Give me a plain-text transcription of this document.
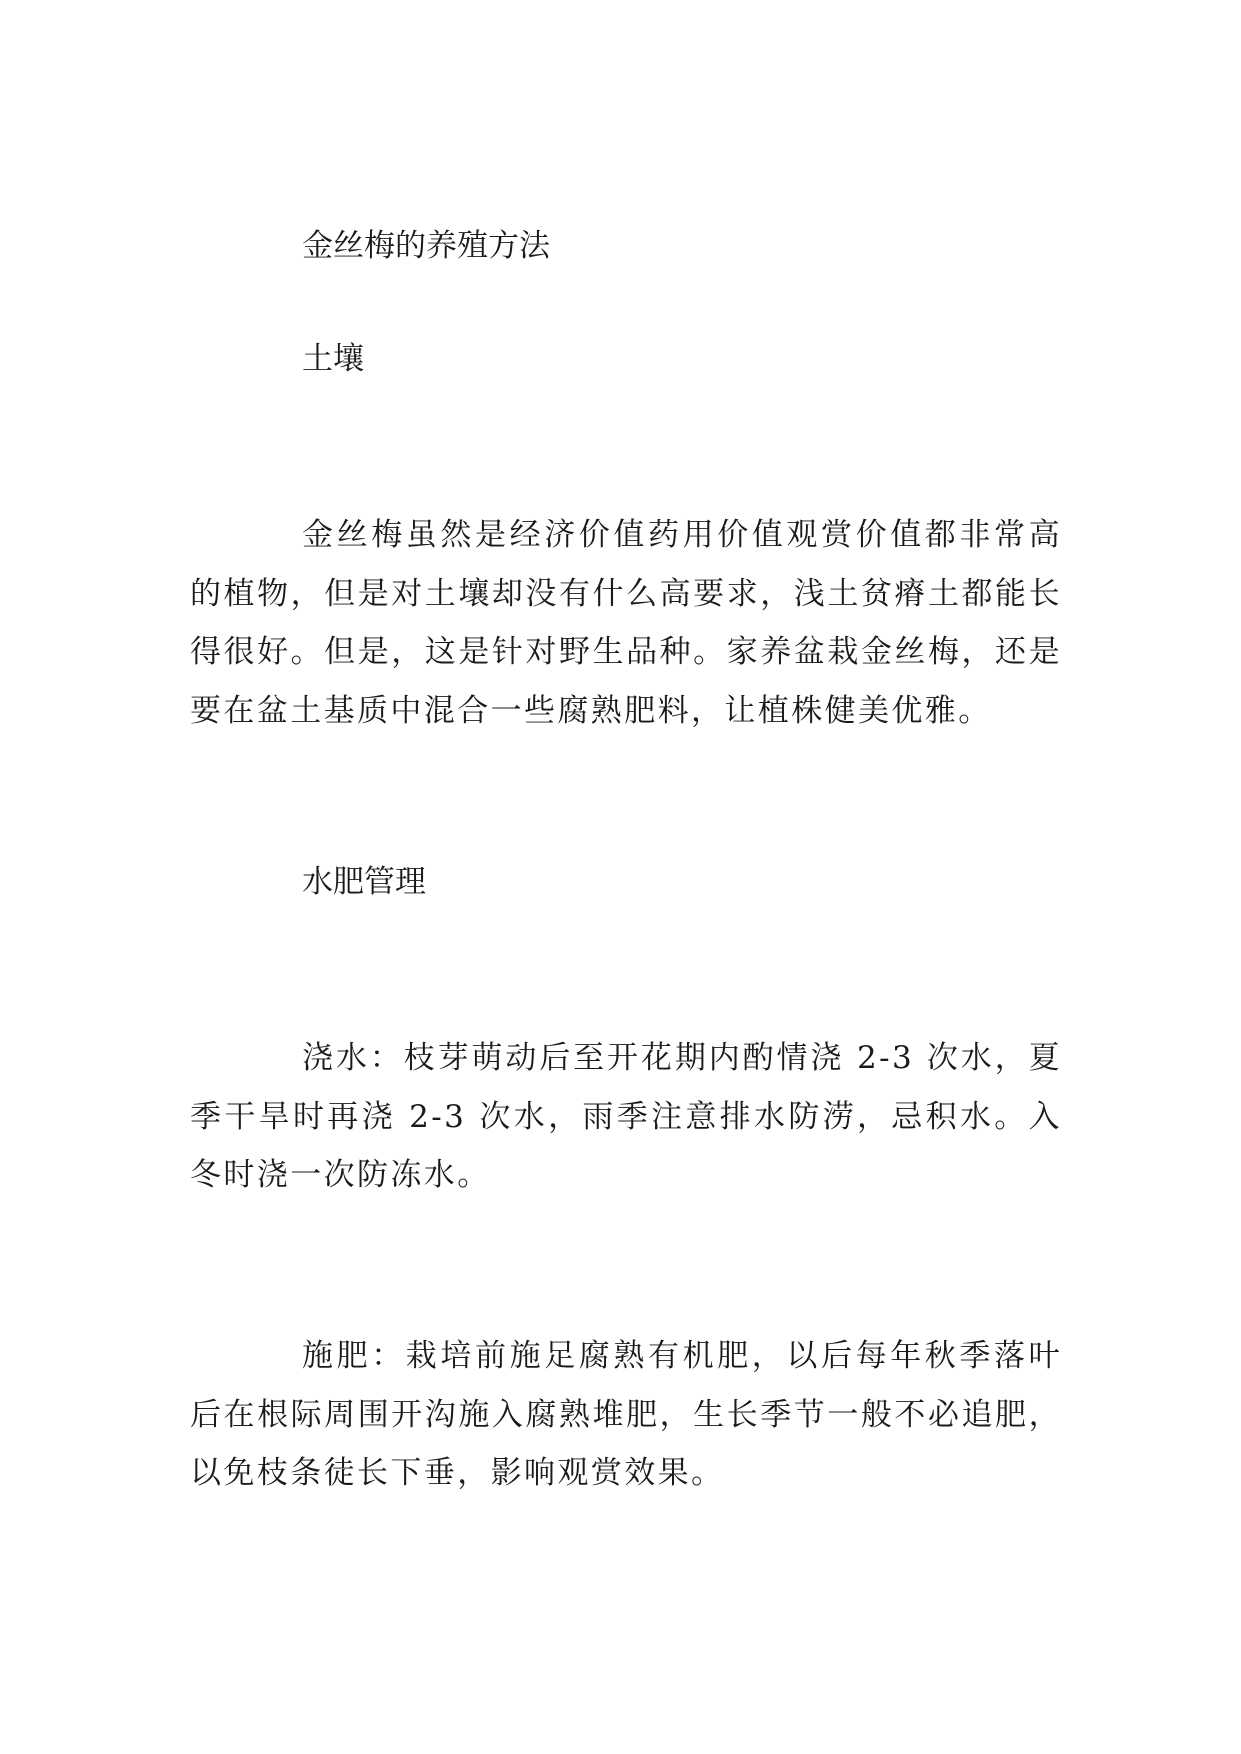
金丝梅的养殖方法
土壤

金丝梅虽然是经济价值药用价值观赏价值都非常高的植物，但是对土壤却没有什么高要求，浅土贫瘠土都能长得很好。但是，这是针对野生品种。家养盆栽金丝梅，还是要在盆土基质中混合一些腐熟肥料，让植株健美优雅。

水肥管理

浇水：枝芽萌动后至开花期内酌情浇 2-3 次水，夏季干旱时再浇 2-3 次水，雨季注意排水防涝，忌积水。入冬时浇一次防冻水。

施肥：栽培前施足腐熟有机肥，以后每年秋季落叶后在根际周围开沟施入腐熟堆肥，生长季节一般不必追肥，以免枝条徒长下垂，影响观赏效果。
